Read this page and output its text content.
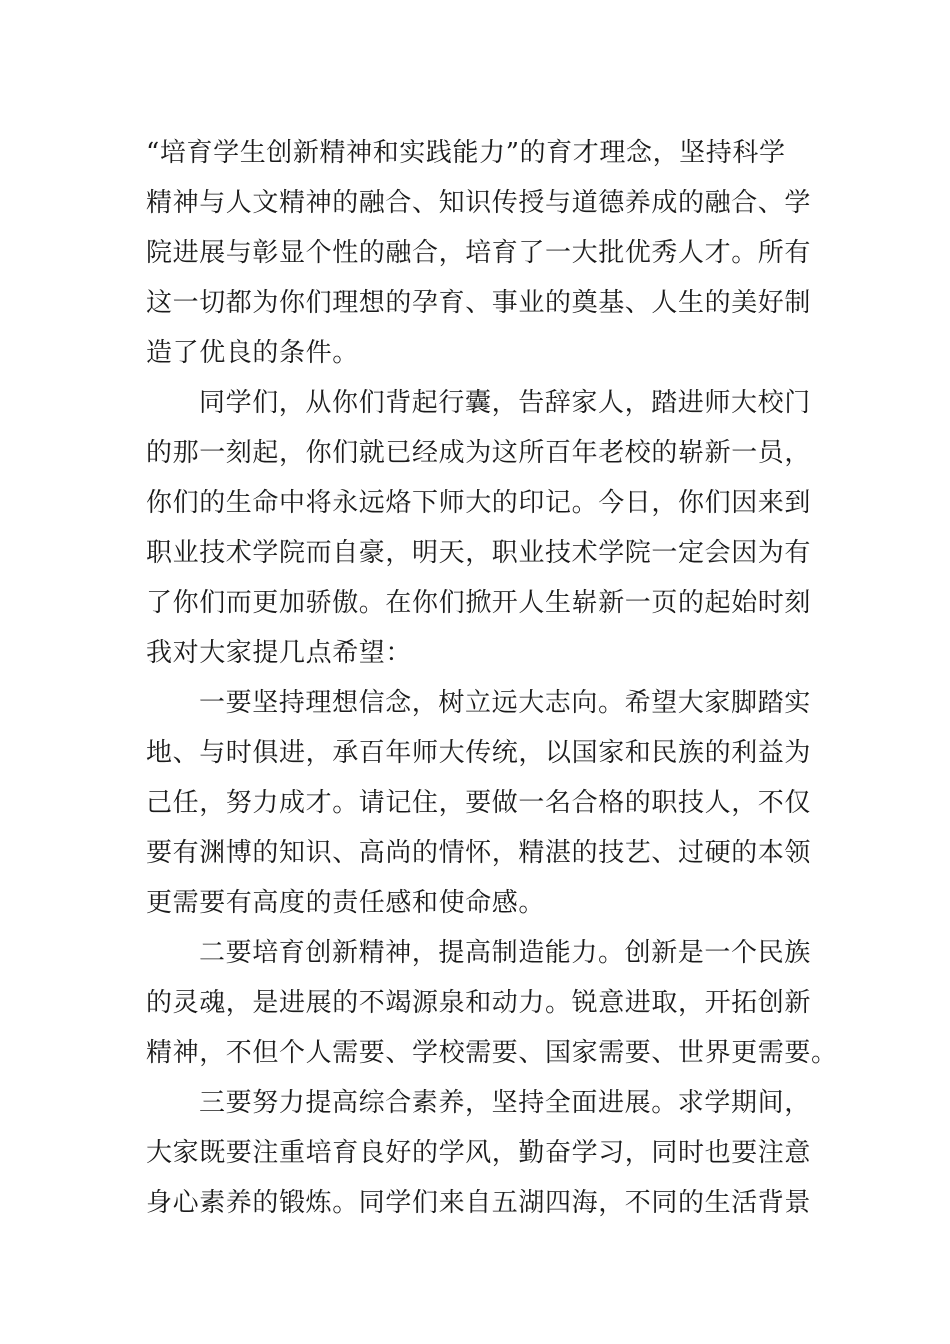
“培育学生创新精神和实践能力”的育才理念，坚持科学
精神与人文精神的融合、知识传授与道德养成的融合、学
院进展与彰显个性的融合，培育了一大批优秀人才。所有
这一切都为你们理想的孕育、事业的奠基、人生的美好制
造了优良的条件。
同学们，从你们背起行囊，告辞家人，踏进师大校门
的那一刻起，你们就已经成为这所百年老校的崭新一员，
你们的生命中将永远烙下师大的印记。今日，你们因来到
职业技术学院而自豪，明天，职业技术学院一定会因为有
了你们而更加骄傲。在你们掀开人生崭新一页的起始时刻
我对大家提几点希望：
一要坚持理想信念，树立远大志向。希望大家脚踏实
地、与时俱进，承百年师大传统，以国家和民族的利益为
己任，努力成才。请记住，要做一名合格的职技人，不仅
要有渊博的知识、高尚的情怀，精湛的技艺、过硬的本领
更需要有高度的责任感和使命感。
二要培育创新精神，提高制造能力。创新是一个民族
的灵魂，是进展的不竭源泉和动力。锐意进取，开拓创新
精神，不但个人需要、学校需要、国家需要、世界更需要。
三要努力提高综合素养，坚持全面进展。求学期间，
大家既要注重培育良好的学风，勤奋学习，同时也要注意
身心素养的锻炼。同学们来自五湖四海，不同的生活背景
